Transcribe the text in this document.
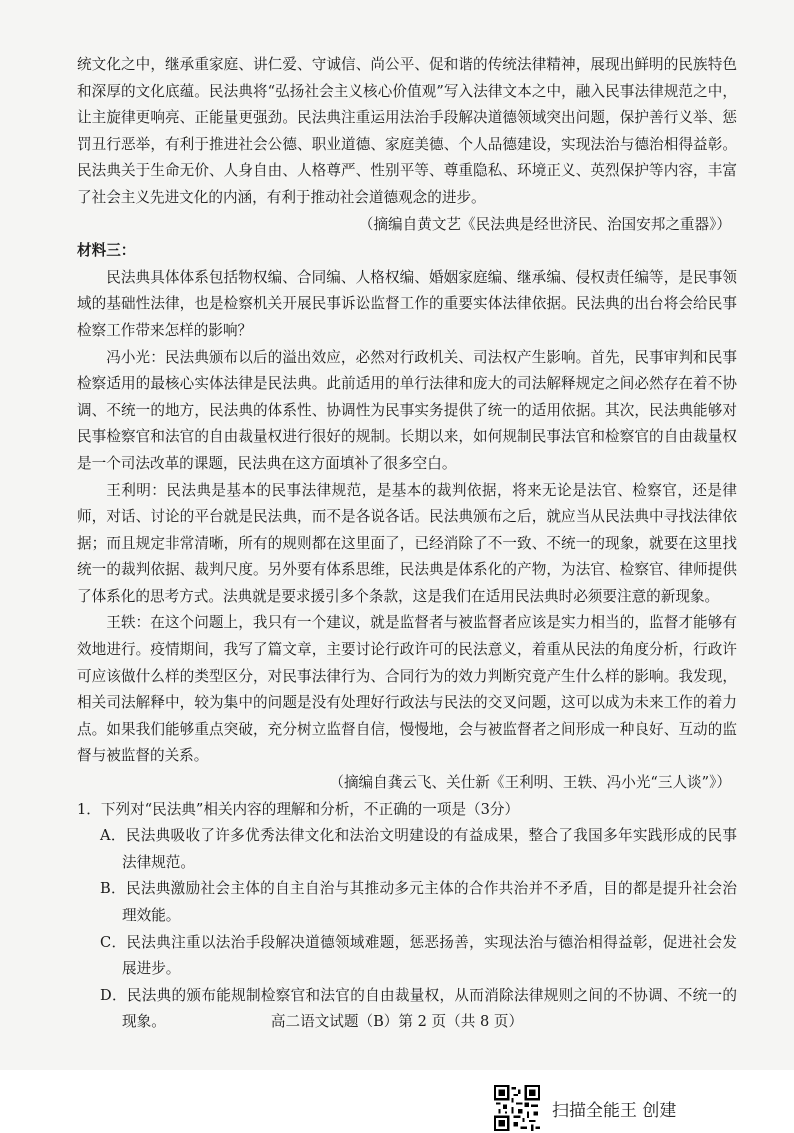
统文化之中，继承重家庭、讲仁爱、守诚信、尚公平、促和谐的传统法律精神，展现出鲜明的民族特色和深厚的文化底蕴。民法典将“弘扬社会主义核心价值观”写入法律文本之中，融入民事法律规范之中，让主旋律更响亮、正能量更强劲。民法典注重运用法治手段解决道德领域突出问题，保护善行义举、惩罚丑行恶举，有利于推进社会公德、职业道德、家庭美德、个人品德建设，实现法治与德治相得益彰。民法典关于生命无价、人身自由、人格尊严、性别平等、尊重隐私、环境正义、英烈保护等内容，丰富了社会主义先进文化的内涵，有利于推动社会道德观念的进步。

（摘编自黄文艺《民法典是经世济民、治国安邦之重器》）

材料三：

民法典具体体系包括物权编、合同编、人格权编、婚姻家庭编、继承编、侵权责任编等，是民事领域的基础性法律，也是检察机关开展民事诉讼监督工作的重要实体法律依据。民法典的出台将会给民事检察工作带来怎样的影响？

冯小光：民法典颁布以后的溢出效应，必然对行政机关、司法权产生影响。首先，民事审判和民事检察适用的最核心实体法律是民法典。此前适用的单行法律和庞大的司法解释规定之间必然存在着不协调、不统一的地方，民法典的体系性、协调性为民事实务提供了统一的适用依据。其次，民法典能够对民事检察官和法官的自由裁量权进行很好的规制。长期以来，如何规制民事法官和检察官的自由裁量权是一个司法改革的课题，民法典在这方面填补了很多空白。

王利明：民法典是基本的民事法律规范，是基本的裁判依据，将来无论是法官、检察官，还是律师，对话、讨论的平台就是民法典，而不是各说各话。民法典颁布之后，就应当从民法典中寻找法律依据；而且规定非常清晰，所有的规则都在这里面了，已经消除了不一致、不统一的现象，就要在这里找统一的裁判依据、裁判尺度。另外要有体系思维，民法典是体系化的产物，为法官、检察官、律师提供了体系化的思考方式。法典就是要求援引多个条款，这是我们在适用民法典时必须要注意的新现象。

王轶：在这个问题上，我只有一个建议，就是监督者与被监督者应该是实力相当的，监督才能够有效地进行。疫情期间，我写了篇文章，主要讨论行政许可的民法意义，着重从民法的角度分析，行政许可应该做什么样的类型区分，对民事法律行为、合同行为的效力判断究竟产生什么样的影响。我发现，相关司法解释中，较为集中的问题是没有处理好行政法与民法的交叉问题，这可以成为未来工作的着力点。如果我们能够重点突破，充分树立监督自信，慢慢地，会与被监督者之间形成一种良好、互动的监督与被监督的关系。

（摘编自龚云飞、关仕新《王利明、王轶、冯小光“三人谈”》）

1．下列对“民法典”相关内容的理解和分析，不正确的一项是（3分）

A．民法典吸收了许多优秀法律文化和法治文明建设的有益成果，整合了我国多年实践形成的民事法律规范。

B．民法典激励社会主体的自主自治与其推动多元主体的合作共治并不矛盾，目的都是提升社会治理效能。

C．民法典注重以法治手段解决道德领域难题，惩恶扬善，实现法治与德治相得益彰，促进社会发展进步。

D．民法典的颁布能规制检察官和法官的自由裁量权，从而消除法律规则之间的不协调、不统一的现象。	高二语文试题（B）第 2 页（共 8 页）
扫描全能王 创建
